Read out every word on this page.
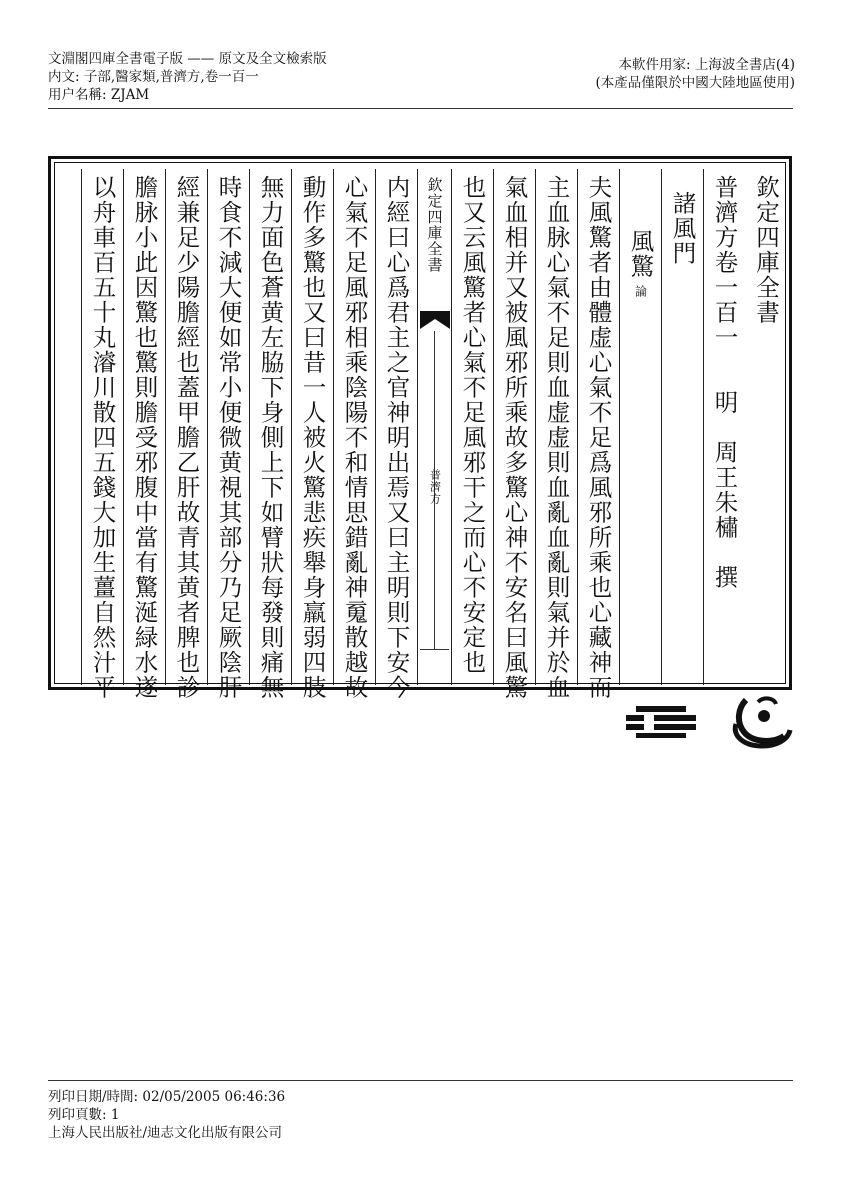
文淵閣四庫全書電子版 —— 原文及全文檢索版
内文: 子部,醫家類,普濟方,卷一百一
用户名稱: ZJAM
本軟件用家: 上海波全書店(4)
(本產品僅限於中國大陸地區使用)
欽定四庫全書
普濟方卷一百一明　周王朱橚　撰
諸風門
風驚論
夫風驚者由體虚心氣不足爲風邪所乘也心藏神而
主血脉心氣不足則血虚虚則血亂血亂則氣并於血
氣血相并又被風邪所乘故多驚心神不安名曰風驚
也又云風驚者心氣不足風邪干之而心不安定也
欽定四庫全書
普濟方
内經曰心爲君主之官神明出焉又曰主明則下安今
心氣不足風邪相乘陰陽不和情思錯亂神䰟散越故
動作多驚也又曰昔一人被火驚悲疾舉身羸弱四肢
無力面色蒼黄左脇下身側上下如臂狀每發則痛無
時食不減大便如常小便微黄視其部分乃足厥陰肝
經兼足少陽膽經也蓋甲膽乙肝故青其黄者脾也診
膽脉小此因驚也驚則膽受邪腹中當有驚涎緑水遂
以舟車百五十丸濬川散四五錢大加生薑自然汁平
列印日期/時間: 02/05/2005 06:46:36
列印頁數: 1
上海人民出版社/迪志文化出版有限公司
